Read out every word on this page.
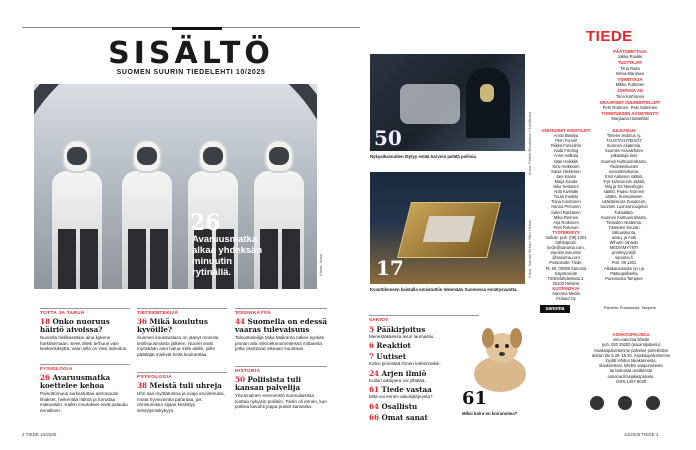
SISÄLTÖ
SUOMEN SUURIN TIEDELEHTI 10/2025
26
Avaruusmatka
alkaa yhdeksän
minuutin
rytinällä.	Kuvat: Nasa
50
Nykyaikaisuiden täytyy estää harvoin pelätä poliisia.	Kuva: Pekka Rautiainen / Lehtikuva
17
Kvanttikoneen kaistalla onnistuttiin tekemään Suomessa ennätysvuotta.
Kuva: Samuli Sirkia / Otto Helsin
TOTTA JA TARUA
18 Onko nuoruus häiriö aivoissa?
Nuorella hellikessäkin aina kykene harkitsemaan. Sees olleiti terhuun vain keskenkäsyttä, vaan sillä on vissi tarkoitus.
FYSIOLOGIA
26 Avaruusmatka koettelee kehoa
Painottomuus surkastuttaa astronautin lihakset, heikentää näköä ja turruttaa makuaistin. Kaikki muutokset eivät palaudu ennalleen.
TIETEENTEKIJÄ
36 Mikä koulutus kyvöille?
Suomen koulutustaso on jäänyt monista teollisuusmaista jälkeen. Nuoret eivät myöskään aina halua mille alalle, joille päättäjät mielivät heitä koulutettaa.
PSYKOLOGIA
38 Meistä tuli uhreja
Uhri saa myötätuntoa ja ovaja arvostetuksi, mutta hyvinvointia parantaa, jos uhristumisen sijaan keskittyy selviytymiskykyyn.
TOISINKÄYVÄ
44 Suomella on edessä vaaras tulevaisuus
Taloustieteilijä Mika Maliranta näkee synkän pinnan alla mikroekonomeiteissä mittareita, jotka osoittavat oikeaan suuntaan.
HISTORIA
50 Poliisista tuli kansan palvelija
Ylivoimainen enemmistö suomalaisista luottaa nykyisin poliisiin. Toisin oli ennen, kun poliisia kavahti joppa puolet kansasta.
VAKIOT
5 Pääkirjoitus
Menestäkäessa avun laumastiu.
6 Reaktiot
7 Uutiset
Kahvi pinnistää ihmen kofeiinnakin.
24 Arjen ilmiö
Kuilun aiksipera voi yllättää.
61 Tiede vastaa
Mitä voi ennen aikuisjähjeysta?
64 Osallistu
66 Omat sanat
61
Miksi koira on koirannima?
TIEDE
PÄÄTOIMITTAJA
Jukka Ruukki
TUOTTAJAT
Tiina Raito
Mirva Marimaa
TOIMITTAJA
Mikko Puttonen
JOHTAVA AD
Tiina Korhonen
GRAAFISET SUUNNITTELIJAT
Petri Rotonen, Pasi Salminen
TOIMITUKSEN ASSISTENTTI
Marjaana Huttanläki
VAKITUISET AVUSTAJAT
Anssi Bwalya
Petri Forsell
Riikka Forselinin
Aada Förding
Anne Halkola
Mari Heikkilä
Kirsi Heikkinen
Kaisa Hiekkinen
Jani Kaarsi
Maija Karala
Niko Kettunen
Antti Kivimäki
Tuula Koskilo
Toina Kouttonen
Hanna Pesonen
Kaleri Rantanen
Mika Rennes
Arja Roikonen
Petri Rotonen
TYÖTERVEYS
Vaihde: puh. (09) 1201
Sähköposti:
tiede@sanoma.com,
etunimi.sukunimi
@sanoma.com
Postiosoite: Tiede,
PL 60, 00089 Sanoma
Käyntiosoite
Töölönlahdenkatu 2,
00100 Helsinki
KUSTANTAJA
Sanoma Media
Finland Oy
JULKAISIJA
Tieteen tiedotus ry.
TAUSTAYHTEISÖT
Suomen Akatemia,
Suomen Kuvalehden
julkaistuja tieto
Suomen Kulttuurirahasto,
Tiedekeskusten
neuvottelukunta,
Emil Aaltosen säätiö,
Yrjö Jahnssonin säätiö,
Maj ja Tor Nesslingin
säätiö, Paavo Nurmen
säätiö, Suomalainen
Lääkäriseura Duodecim,
Suomen Luonnonsuojelun
Tukisäätiö,
Suomen Kulttuurirahasto,
Tieteiden Akatemia,
Tieteiden Seuran
Valtuuskunta,
ansiq. ja Antti
Wihurin rahasto
MEDIAMYYNTI
printmyynti@
sanoma.fi
Puh. 09 1201
Aikakausmedia ry:n ja
Pääsopelliselta
Punamusta Tampere
sanoma	Painettu: Punamusta, Tampere
ASIAKASPALVELU
omo.sanoma.fi/tiede
puh. 020 39200 (asiointipalvelu)
Asiakaspalvelumme palvelee puhelimitse
arkisin klo 8.30–16.30. Asiakaspalvelumme
löydät lehden takakannesta,
tilauksestasi, lehden saapumisesta
tai laskuista osoitteesta
sanoma.fi/asiakaspalvelu.
ISSN 1457-9030
2 TIEDE 10/2025	10/2025 TIEDE 3
